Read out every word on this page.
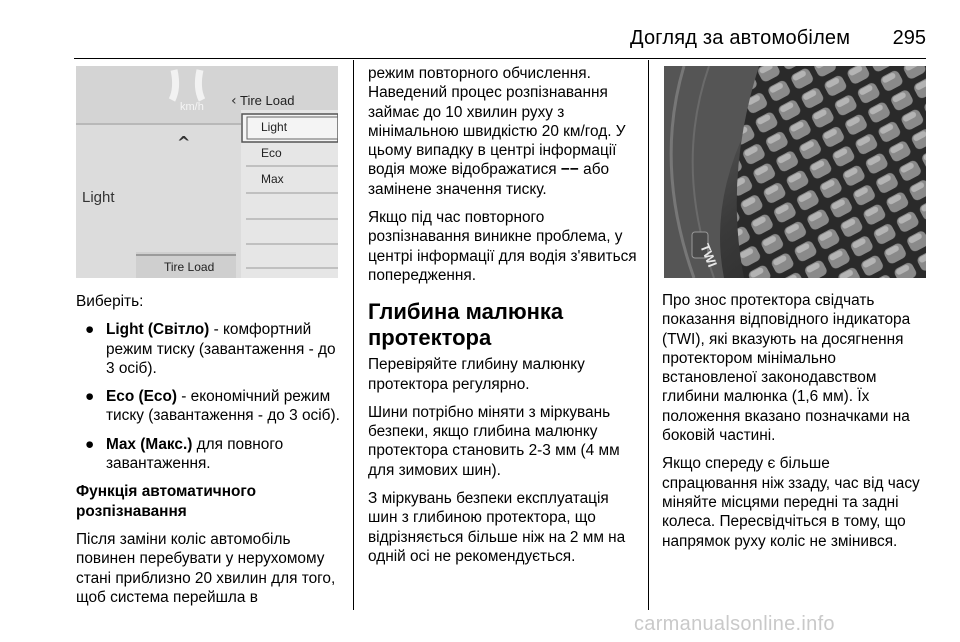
Догляд за автомобілем 295
km/h ‹ Tire Load
^
Light
Light
Eco
Max
Tire Load

Виберіть:

● Light (Світло) - комфортний режим тиску (завантаження - до 3 осіб).
● Eco (Eco) - економічний режим тиску (завантаження - до 3 осіб).
● Max (Макс.) для повного завантаження.
Функція автоматичного розпізнавання

Після заміни коліс автомобіль повинен перебувати у нерухомому стані приблизно 20 хвилин для того, щоб система перейшла в

режим повторного обчислення. Наведений процес розпізнавання займає до 10 хвилин руху з мінімальною швидкістю 20 км/год. У цьому випадку в центрі інформації водія може відображатися −− або замінене значення тиску.

Якщо під час повторного розпізнавання виникне проблема, у центрі інформації для водія з'явиться попередження.

Глибина малюнка протектора

Перевіряйте глибину малюнку протектора регулярно.

Шини потрібно міняти з міркувань безпеки, якщо глибина малюнку протектора становить 2-3 мм (4 мм для зимових шин).

З міркувань безпеки експлуатація шин з глибиною протектора, що відрізняється більше ніж на 2 мм на одній осі не рекомендується.

TWI

Про знос протектора свідчать показання відповідного індикатора (TWI), які вказують на досягнення протектором мінімально встановленої законодавством глибини малюнка (1,6 мм). Їх положення вказано позначками на боковій частині.

Якщо спереду є більше спрацювання ніж ззаду, час від часу міняйте місцями передні та задні колеса. Пересвідчіться в тому, що напрямок руху коліс не змінився.

carmanualsonline.info
